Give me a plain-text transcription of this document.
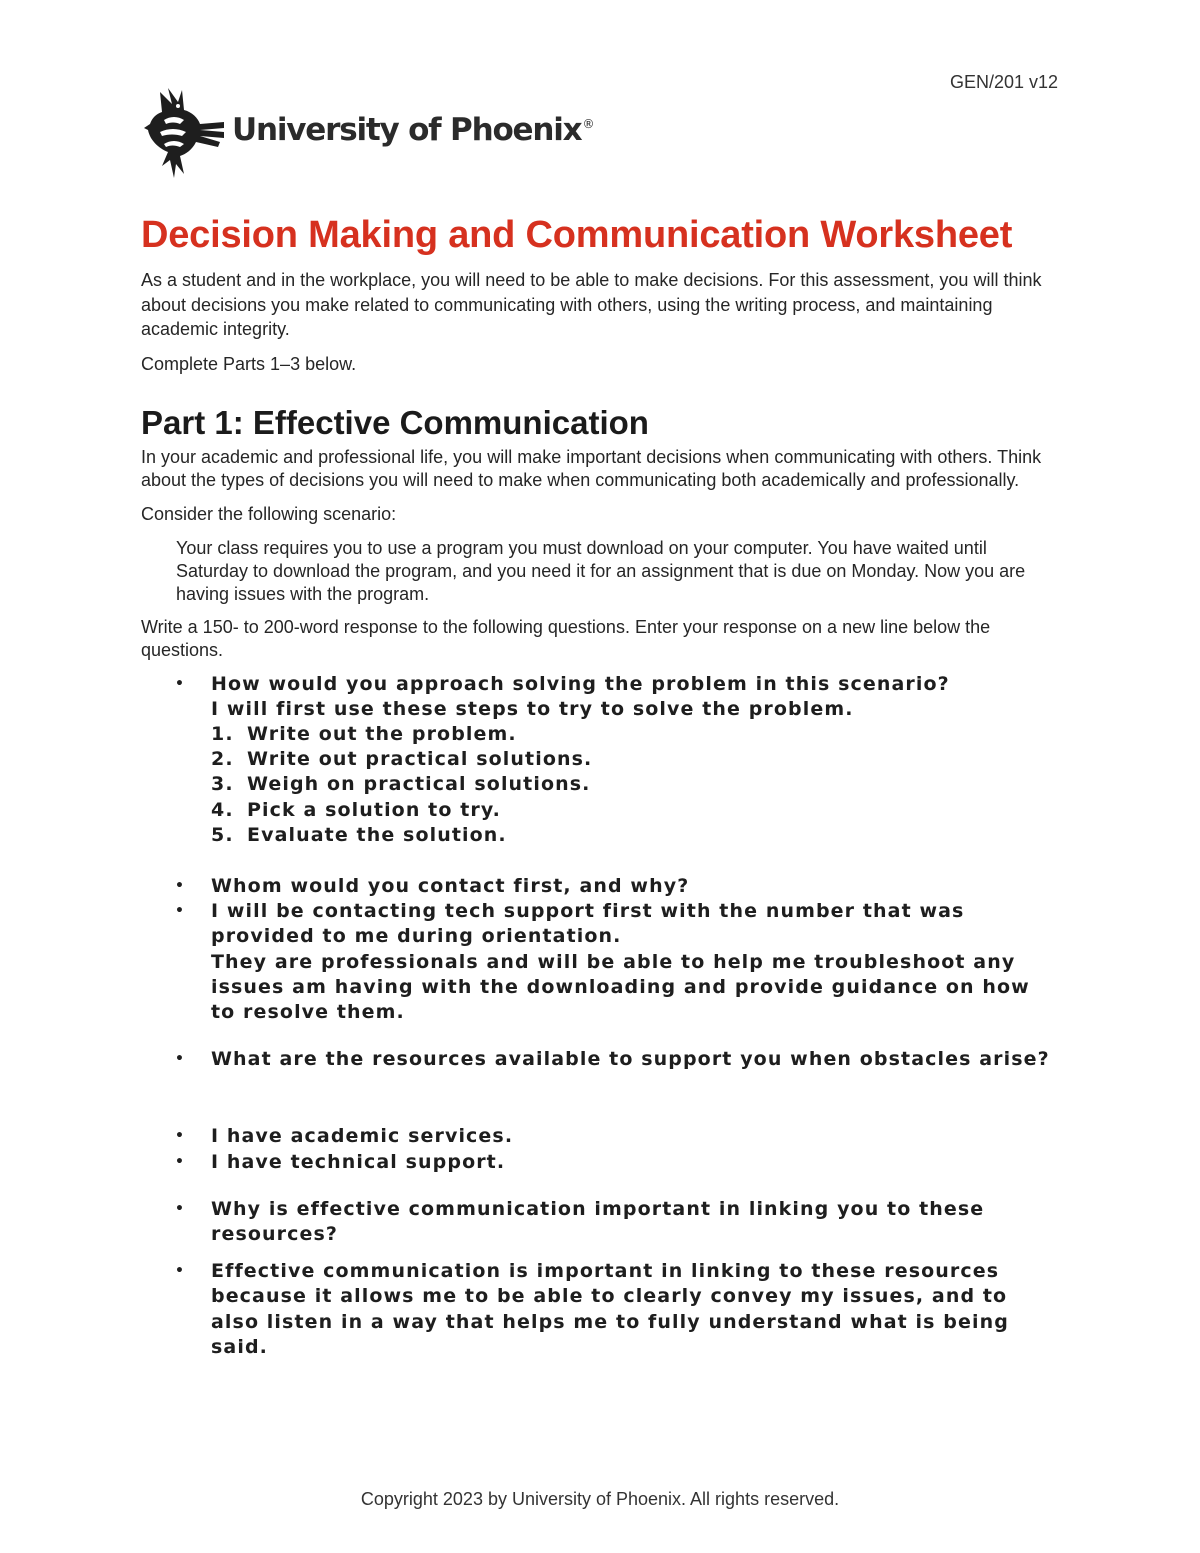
GEN/201 v12
University of Phoenix®
Decision Making and Communication Worksheet

As a student and in the workplace, you will need to be able to make decisions. For this assessment, you will think about decisions you make related to communicating with others, using the writing process, and maintaining academic integrity.

Complete Parts 1–3 below.

Part 1: Effective Communication

In your academic and professional life, you will make important decisions when communicating with others. Think about the types of decisions you will need to make when communicating both academically and professionally.

Consider the following scenario:

Your class requires you to use a program you must download on your computer. You have waited until Saturday to download the program, and you need it for an assignment that is due on Monday. Now you are having issues with the program.

Write a 150- to 200-word response to the following questions. Enter your response on a new line below the questions.

• How would you approach solving the problem in this scenario?
I will first use these steps to try to solve the problem.
1. Write out the problem.
2. Write out practical solutions.
3. Weigh on practical solutions.
4. Pick a solution to try.
5. Evaluate the solution.
• Whom would you contact first, and why?
• I will be contacting tech support first with the number that was provided to me during orientation.
They are professionals and will be able to help me troubleshoot any issues am having with the downloading and provide guidance on how to resolve them.
• What are the resources available to support you when obstacles arise?
• I have academic services.
• I have technical support.
• Why is effective communication important in linking you to these resources?
• Effective communication is important in linking to these resources because it allows me to be able to clearly convey my issues, and to also listen in a way that helps me to fully understand what is being said.
Copyright 2023 by University of Phoenix. All rights reserved.
